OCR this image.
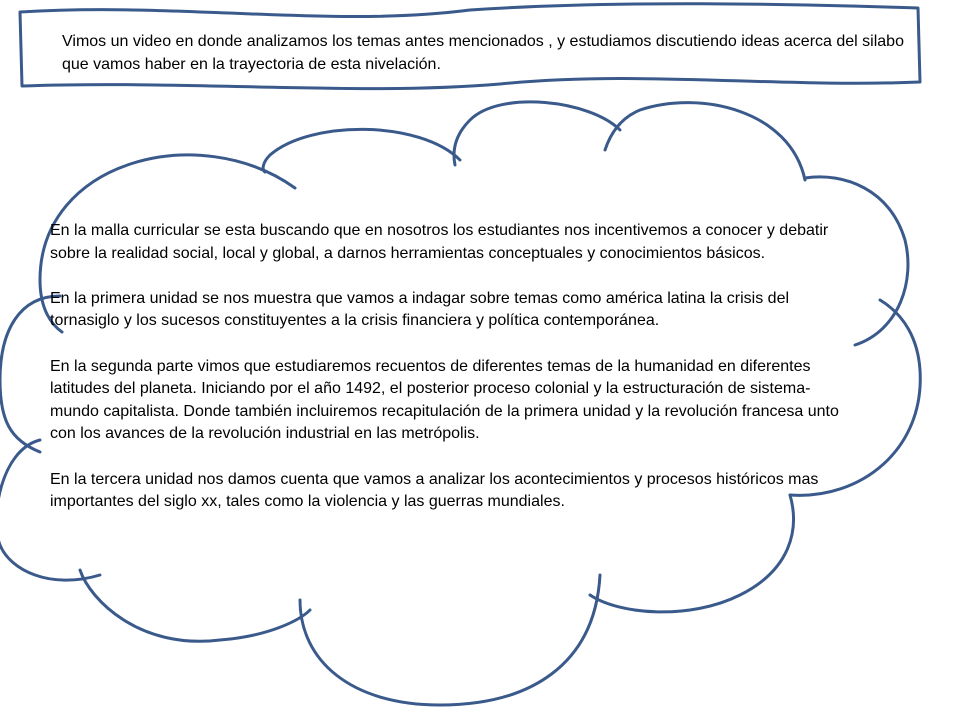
Vimos un video en donde analizamos los temas antes mencionados , y estudiamos discutiendo ideas acerca del silabo que vamos haber en la trayectoria de esta nivelación.

En la malla curricular se esta buscando que en nosotros los estudiantes nos incentivemos a conocer y debatir sobre la realidad social, local y global, a darnos herramientas conceptuales y conocimientos básicos.

En la primera unidad se nos muestra que vamos a indagar sobre temas como américa latina la crisis del tornasiglo y los sucesos constituyentes a la crisis financiera y política contemporánea.

En la segunda parte vimos que estudiaremos recuentos de diferentes temas de la humanidad en diferentes latitudes del planeta. Iniciando por el año 1492, el posterior proceso colonial y la estructuración de sistema-mundo capitalista. Donde también incluiremos recapitulación de la primera unidad y la revolución francesa unto con los avances de la revolución industrial en las metrópolis.

En la tercera unidad nos damos cuenta que vamos a analizar los acontecimientos y procesos históricos mas importantes del siglo xx, tales como la violencia y las guerras mundiales.
